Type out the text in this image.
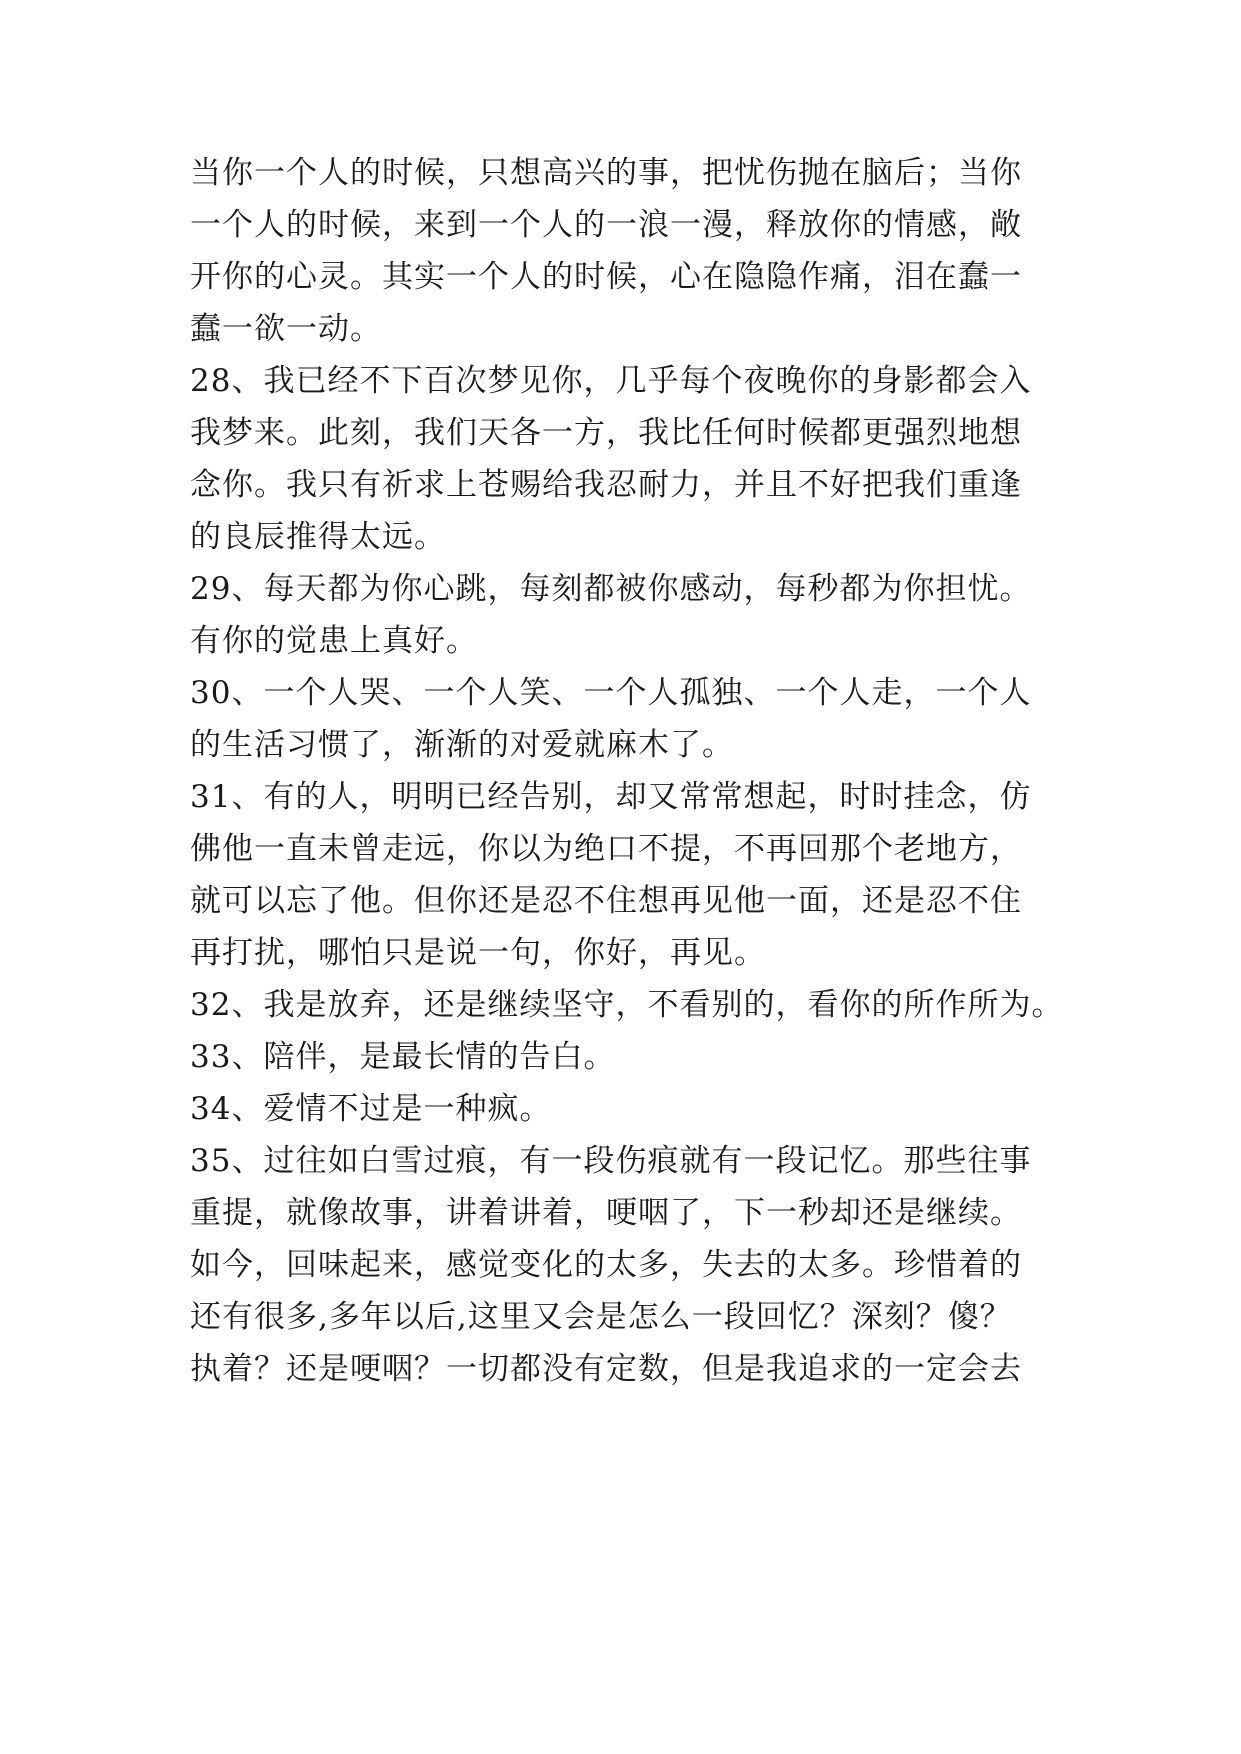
当你一个人的时候，只想高兴的事，把忧伤抛在脑后；当你
一个人的时候，来到一个人的一浪一漫，释放你的情感，敞
开你的心灵。其实一个人的时候，心在隐隐作痛，泪在蠢一
蠢一欲一动。
28、我已经不下百次梦见你，几乎每个夜晚你的身影都会入
我梦来。此刻，我们天各一方，我比任何时候都更强烈地想
念你。我只有祈求上苍赐给我忍耐力，并且不好把我们重逢
的良辰推得太远。
29、每天都为你心跳，每刻都被你感动，每秒都为你担忧。
有你的觉患上真好。
30、一个人哭、一个人笑、一个人孤独、一个人走，一个人
的生活习惯了，渐渐的对爱就麻木了。
31、有的人，明明已经告别，却又常常想起，时时挂念，仿
佛他一直未曾走远，你以为绝口不提，不再回那个老地方，
就可以忘了他。但你还是忍不住想再见他一面，还是忍不住
再打扰，哪怕只是说一句，你好，再见。
32、我是放弃，还是继续坚守，不看别的，看你的所作所为。
33、陪伴，是最长情的告白。
34、爱情不过是一种疯。
35、过往如白雪过痕，有一段伤痕就有一段记忆。那些往事
重提，就像故事，讲着讲着，哽咽了，下一秒却还是继续。
如今，回味起来，感觉变化的太多，失去的太多。珍惜着的
还有很多,多年以后,这里又会是怎么一段回忆？深刻？傻？
执着？还是哽咽？一切都没有定数，但是我追求的一定会去
